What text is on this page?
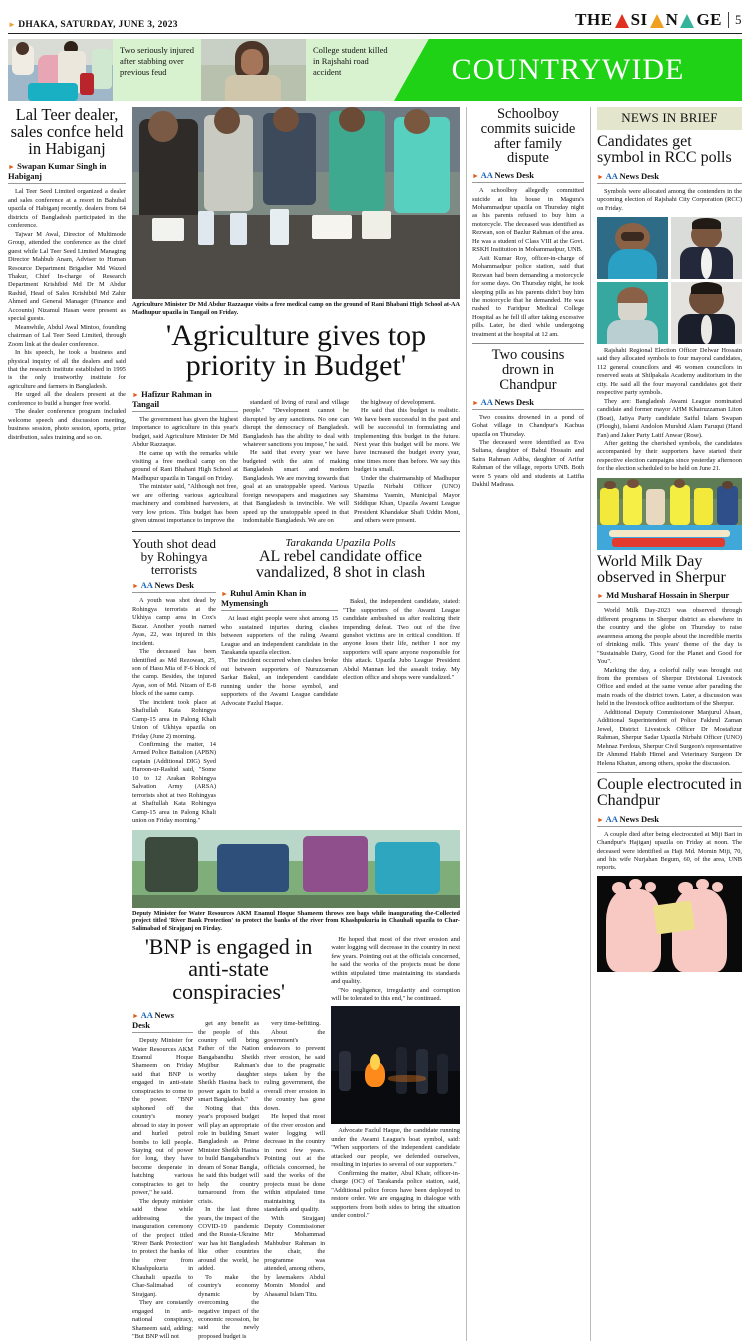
► DHAKA, SATURDAY, JUNE 3, 2023	THE SI N GE	5
Two seriously injured after stabbing over previous feud
College student killed in Rajshahi road accident	COUNTRYWIDE
Lal Teer dealer, sales confce held in Habiganj
► Swapan Kumar Singh in Habiganj

Lal Teer Seed Limited organized a dealer and sales conference at a resort in Bahubal upazila of Habiganj recently. dealers from 64 districts of Bangladesh participated in the conference.

Tajwar M Awal, Director of Multimode Group, attended the conference as the chief guest while Lal Teer Seed Limited Managing Director Mahbub Anam, Adviser to Human Resource Department Brigadier Md Wazed Thakur, Chief In-charge of Research Department Krishibid Md Dr M Abdur Rashid, Head of Sales Krishibid Md Zahir Ahmed and General Manager (Finance and Accounts) Nizamul Hasan were present as special guests.

Meanwhile, Abdul Awal Mintoo, founding chairman of Lal Teer Seed Limited, through Zoom link at the dealer conference.

In his speech, he took a business and physical inquiry of all the dealers and said that the research institute established in 1995 is the only trustworthy institute for agriculture and farmers in Bangladesh.

He urged all the dealers present at the conference to build a hunger free world.

The dealer conference program included welcome speech and discussion meeting, business session, photo session, sports, prize distribution, sales training and so on.

-AA
Agriculture Minister Dr Md Abdur Razzaque visits a free medical camp on the ground of Rani Bhabani High School at Madhupur upazila in Tangail on Friday.
'Agriculture gives top priority in Budget'
► Hafizur Rahman in Tangail

The government has given the highest importance to agriculture in this year's budget, said Agriculture Minister Dr Md Abdur Razzaque.

He came up with the remarks while visiting a free medical camp on the ground of Rani Bhabani High School at Madhupur upazila in Tangail on Friday.

The minister said, "Although not free, we are offering various agricultural machinery and combined harvesters, at very low prices. This budget has been given utmost importance to improve the

standard of living of rural and village people." "Development cannot be disrupted by any sanctions. No one can disrupt the democracy of Bangladesh. Bangladesh has the ability to deal with whatever sanctions you impose," he said.

He said that every year we have budgeted with the aim of making Bangladesh smart and modern Bangladesh. We are moving towards that goal at an unstoppable speed. Various foreign newspapers and magazines say that Bangladesh is invincible. We will speed up the unstoppable speed in that indomitable Bangladesh. We are on

the highway of development.

He said that this budget is realistic. We have been successful in the past and will be successful in formulating and implementing this budget in the future. Next year this budget will be more. We have increased the budget every year, nine times more than before. We say this budget is small.

Under the chairmanship of Madhupur Upazila Nirbahi Officer (UNO) Shamima Yasmin, Municipal Mayor Siddique Khan, Upazila Awami League President Khandakar Shafi Uddin Moni, and others were present.

Youth shot dead by Rohingya terrorists
► AA News Desk

A youth was shot dead by Rohingya terrorists at the Ukhiya camp area in Cox's Bazar. Another youth named Ayas, 22, was injured in this incident.

The deceased has been identified as Md Rezowan, 25, son of Hasu Mia of F-6 block of the camp. Besides, the injured Ayas, son of Md. Nizam of E-8 block of the same camp.

The incident took place at Shafiullah Kata Rohingya Camp-15 area in Palong Khali Union of Ukhiya upazila on Friday (June 2) morning.

Confirming the matter, 14 Armed Police Battalion (APBN) captain (Additional DIG) Syed Haroon-ur-Rashid said, "Some 10 to 12 Arakan Rohingya Salvation Army (ARSA) terrorists shot at two Rohingyas at Shafiullah Kata Rohingya Camp-15 area in Palong Khali union on Friday morning."

Tarakanda Upazila Polls
AL rebel candidate office vandalized, 8 shot in clash
► Ruhul Amin Khan in Mymensingh

At least eight people were shot among 15 who sustained injuries during clashes between supporters of the ruling Awami League and an independent candidate in the Tarakanda upazila election.

The incident occurred when clashes broke out between supporters of Nuruzzaman Sarkar Bakul, an independent candidate running under the horse symbol, and supporters of the Awami League candidate Advocate Fazlul Haque.

Bakul, the independent candidate, stated: "The supporters of the Awami League candidate ambushed us after realizing their impending defeat. Two out of the five gunshot victims are in critical condition. If anyone loses their life, neither I nor my supporters will spare anyone responsible for this attack. Upazila Jubo League President Abdul Mannan led the assault today. My election office and shops were vandalized."

-Collected
Deputy Minister for Water Resources AKM Enamul Hoque Shameem throws zeo bags while inaugurating the project titled 'River Bank Protection' to protect the banks of the river from Khashpukuria in Chauhali upazila to Char-Salimabad of Sirajganj on Firday.
'BNP is engaged in anti-state conspiracies'
► AA News Desk

Deputy Minister for Water Resources AKM Enamul Hoque Shameem on Friday said that BNP is engaged in anti-state conspiracies to come to the power. "BNP siphoned off the country's money abroad to stay in power and hurled petrol bombs to kill people. Staying out of power for long, they have become desperate in hatching various conspiracies to get to power," he said.

The deputy minister said these while addressing the inauguration ceremony of the project titled 'River Bank Protection' to protect the banks of the river from Khashpukuria in Chauhali upazila to Char-Salimabad of Sirajganj.

They are constantly engaged in anti-national conspiracy, Shameem said, adding: "But BNP will not

get any benefit as the people of this country will bring Father of the Nation Bangabandhu Sheikh Mujibur Rahman's worthy daughter Sheikh Hasina back to power again to build a smart Bangladesh."

Noting that this year's proposed budget will play an appropriate role in building Smart Bangladesh as Prime Minister Sheikh Hasina to build Bangabandhu's dream of Sonar Bangla, he said this budget will help the country turnaround from the crisis.

In the last three years, the impact of the COVID-19 pandemic and the Russia-Ukraine war has hit Bangladesh like other countries around the world, he added.

To make the country's economy dynamic by overcoming the negative impact of the economic recession, he said the newly proposed budget is

very time-befitting.

About the government's endeavors to prevent river erosion, he said due to the pragmatic steps taken by the ruling government, the overall river erosion in the country has gone down.

He hoped that most of the river erosion and water logging will decrease in the country in next few years. Pointing out at the officials concerned, he said the works of the projects must be done within stipulated time maintaining its standards and quality.

With Sirajganj Deputy Commissioner Mir Mohammad Mahbubur Rahman in the chair, the programme was attended, among others, by lawmakers Abdul Momin Mondol and Ahasanul Islam Titu.

He hoped that most of the river erosion and water logging will decrease in the country in next few years. Pointing out at the officials concerned, he said the works of the projects must be done within stipulated time maintaining its standards and quality.

"No negligence, irregularity and corruption will be tolerated to this end," he continued.

Advocate Fazlul Haque, the candidate running under the Awami League's boat symbol, said: "When supporters of the independent candidate attacked our people, we defended ourselves, resulting in injuries to several of our supporters."

Confirming the matter, Abul Khair, officer-in-charge (OC) of Tarakanda police station, said, "Additional police forces have been deployed to restore order. We are engaging in dialogue with supporters from both sides to bring the situation under control."

Schoolboy commits suicide after family dispute
► AA News Desk

A schoolboy allegedly committed suicide at his house in Magura's Mohammadpur upazila on Thursday night as his parents refused to buy him a motorcycle. The deceased was identified as Rezwan, son of Bazlur Rahman of the area. He was a student of Class VIII at the Govt. RSKH Institution in Mohammadpur, UNB.

Asit Kumar Roy, officer-in-charge of Mohammadpur police station, said that Rezwan had been demanding a motorcycle for some days. On Thursday night, he took sleeping pills as his parents didn't buy him the motorcycle that he demanded. He was rushed to Faridpur Medical College Hospital as he fell ill after taking excessive pills. Later, he died while undergoing treatment at the hospital at 12 am.

Two cousins drown in Chandpur
► AA News Desk

Two cousins drowned in a pond of Gohat village in Chandpur's Kachua upazila on Thursday.

The deceased were identified as Eva Sultana, daughter of Babul Hossain and Saira Rahman Adiba, daughter of Arifur Rahman of the village, reports UNB. Both were 5 years old and students at Latifia Dakhil Madrasa.

NEWS IN BRIEF
Candidates get symbol in RCC polls
► AA News Desk

Symbols were allocated among the contenders in the upcoming election of Rajshahi City Corporation (RCC) on Friday.

Rajshahi Regional Election Officer Delwar Hossain said they allocated symbols to four mayoral candidates, 112 general councilors and 46 women councilors in reserved seats at Shilpakala Academy auditorium in the city. He said all the four mayoral candidates got their respective party symbols.

They are: Bangladesh Awami League nominated candidate and former mayor AHM Khairuzzaman Liton (Boat), Jatiya Party candidate Saiful Islam Swapan (Plough), Islami Andolon Murshid Alam Faruqui (Hand Fan) and Jaker Party Latif Anwar (Rose).

After getting the cherished symbols, the candidates accompanied by their supporters have started their respective election campaigns since yesterday afternoon for the election scheduled to be held on June 21.

World Milk Day observed in Sherpur
► Md Musharaf Hossain in Sherpur

World Milk Day-2023 was observed through different programs in Sherpur district as elsewhere in the country and the globe on Thursday to raise awareness among the people about the incredible merits of drinking milk. This years' theme of the day is "Sustainable Dairy, Good for the Planet and Good for You".

Marking the day, a colorful rally was brought out from the premises of Sherpur Divisional Livestock Office and ended at the same venue after parading the main roads of the district town. Later, a discussion was held in the livestock office auditorium of the Sherpur.

Additional Deputy Commissioner Manjurul Ahsan, Additional Superintendent of Police Fakhrul Zaman Jewel, District Livestock Officer Dr Mostafizur Rahman, Sherpur Sadar Upazila Nirbahi Officer (UNO) Mehnaz Ferdous, Sherpur Civil Surgeon's representative Dr Ahmmd Habib Himel and Veterinary Surgeon Dr Helena Khatun, among others, spoke the discussion.

Couple electrocuted in Chandpur
► AA News Desk

A couple died after being electrocuted at Miji Bari in Chandpur's Hajiganj upazila on Friday at noon. The deceased were identified as Haji Md. Momin Miji, 70, and his wife Nurjahan Begum, 60, of the area, UNB reports.
